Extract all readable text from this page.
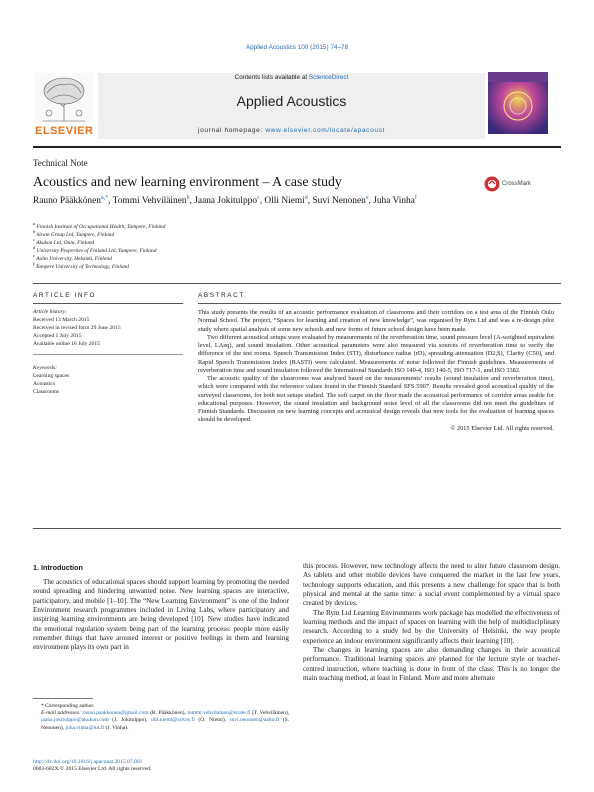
Applied Acoustics 100 (2015) 74–78
ELSEVIER
Contents lists available at ScienceDirect
Applied Acoustics
journal homepage: www.elsevier.com/locate/apacoust
Technical Note
Acoustics and new learning environment – A case study	CrossMark
Rauno Pääkkönen$^{a,*}$, Tommi Vehviläinen$^b$, Jaana Jokitulppo$^c$, Olli Niemi$^d$, Suvi Nenonen$^e$, Juha Vinha$^f$
$^a$ Finnish Institute of Occupational Health, Tampere, Finland
$^b$ Sirate Group Ltd, Tampere, Finland
$^c$ Akukon Ltd, Oulu, Finland
$^d$ University Properties of Finland Ltd, Tampere, Finland
$^e$ Aalto University, Helsinki, Finland
$^f$ Tampere University of Technology, Finland
ARTICLE INFO	ABSTRACT
Article history:
Received 13 March 2015
Received in revised form 29 June 2015
Accepted 1 July 2015
Available online 16 July 2015
Keywords:
Learning spaces
Acoustics
Classrooms

This study presents the results of an acoustic performance evaluation of classrooms and their corridors on a test area of the Finnish Oulu Normal School. The project, “Spaces for learning and creation of new knowledge”, was organised by Rym Ltd and was a re-design pilot study where spatial analysis of some new schools and new forms of future school design have been made.

Two different acoustical setups were evaluated by measurements of the reverberation time, sound pressure level (A-weighted equivalent level, LAeq), and sound insulation. Other acoustical parameters were also measured via sources of reverberation time to verify the difference of the test rooms. Speech Transmission Index (STI), disturbance radius (rD), spreading attenuation (D2,S), Clarity (C50), and Rapid Speech Transmission Index (RASTI) were calculated. Measurements of noise followed the Finnish guidelines. Measurements of reverberation time and sound insulation followed the International Standards ISO 140-4, ISO 140-5, ISO 717-1, and ISO 3382.

The acoustic quality of the classrooms was analysed based on the measurements’ results (sound insulation and reverberation time), which were compared with the reference values found in the Finnish Standard SFS 5907. Results revealed good acoustical quality of the surveyed classrooms, for both test setups studied. The soft carpet on the floor made the acoustical performance of corridor areas usable for educational purposes. However, the sound insulation and background noise level of all the classrooms did not meet the guidelines of Finnish Standards. Discussion on new learning concepts and acoustical design reveals that new tools for the evaluation of learning spaces should be developed.

© 2015 Elsevier Ltd. All rights reserved.
1. Introduction

The acoustics of educational spaces should support learning by promoting the needed sound spreading and hindering unwanted noise. New learning spaces are interactive, participatory, and mobile [1–10]. The “New Learning Environment” is one of the Indoor Environment research programmes included in Living Labs, where participatory and inspiring learning environments are being developed [10]. New studies have indicated the emotional regulation system being part of the learning process: people more easily remember things that have aroused interest or positive feelings in them and learning environment plays its own part in

this process. However, new technology affects the need to alter future classroom design. As tablets and other mobile devices have conquered the market in the last few years, technology supports education, and this presents a new challenge for space that is both physical and mental at the same time: a social event complemented by a virtual space created by devices.

The Rym Ltd Learning Environments work package has modelled the effectiveness of learning methods and the impact of spaces on learning with the help of multidisciplinary research. According to a study led by the University of Helsinki, the way people experience an indoor environment significantly affects their learning [10].

The changes in learning spaces are also demanding changes in their acoustical performance. Traditional learning spaces are planned for the lecture style or teacher-centred instruction, where teaching is done in front of the class. This is no longer the main teaching method, at least in Finland. More and more alternate

* Corresponding author.
E-mail addresses: rauno.paakkonen@gmail.com (R. Pääkkönen), tommi.vehvilainen@sirate.fi (T. Vehviläinen), jaana.jokitulppo@akukon.com (J. Jokitulppo), olli.niemi@sykoy.fi (O. Niemi), suvi.nenonen@aalto.fi (S. Nenonen), juha.vinha@tut.fi (J. Vinha).
http://dx.doi.org/10.1016/j.apacoust.2015.07.001
0003-682X/© 2015 Elsevier Ltd. All rights reserved.
